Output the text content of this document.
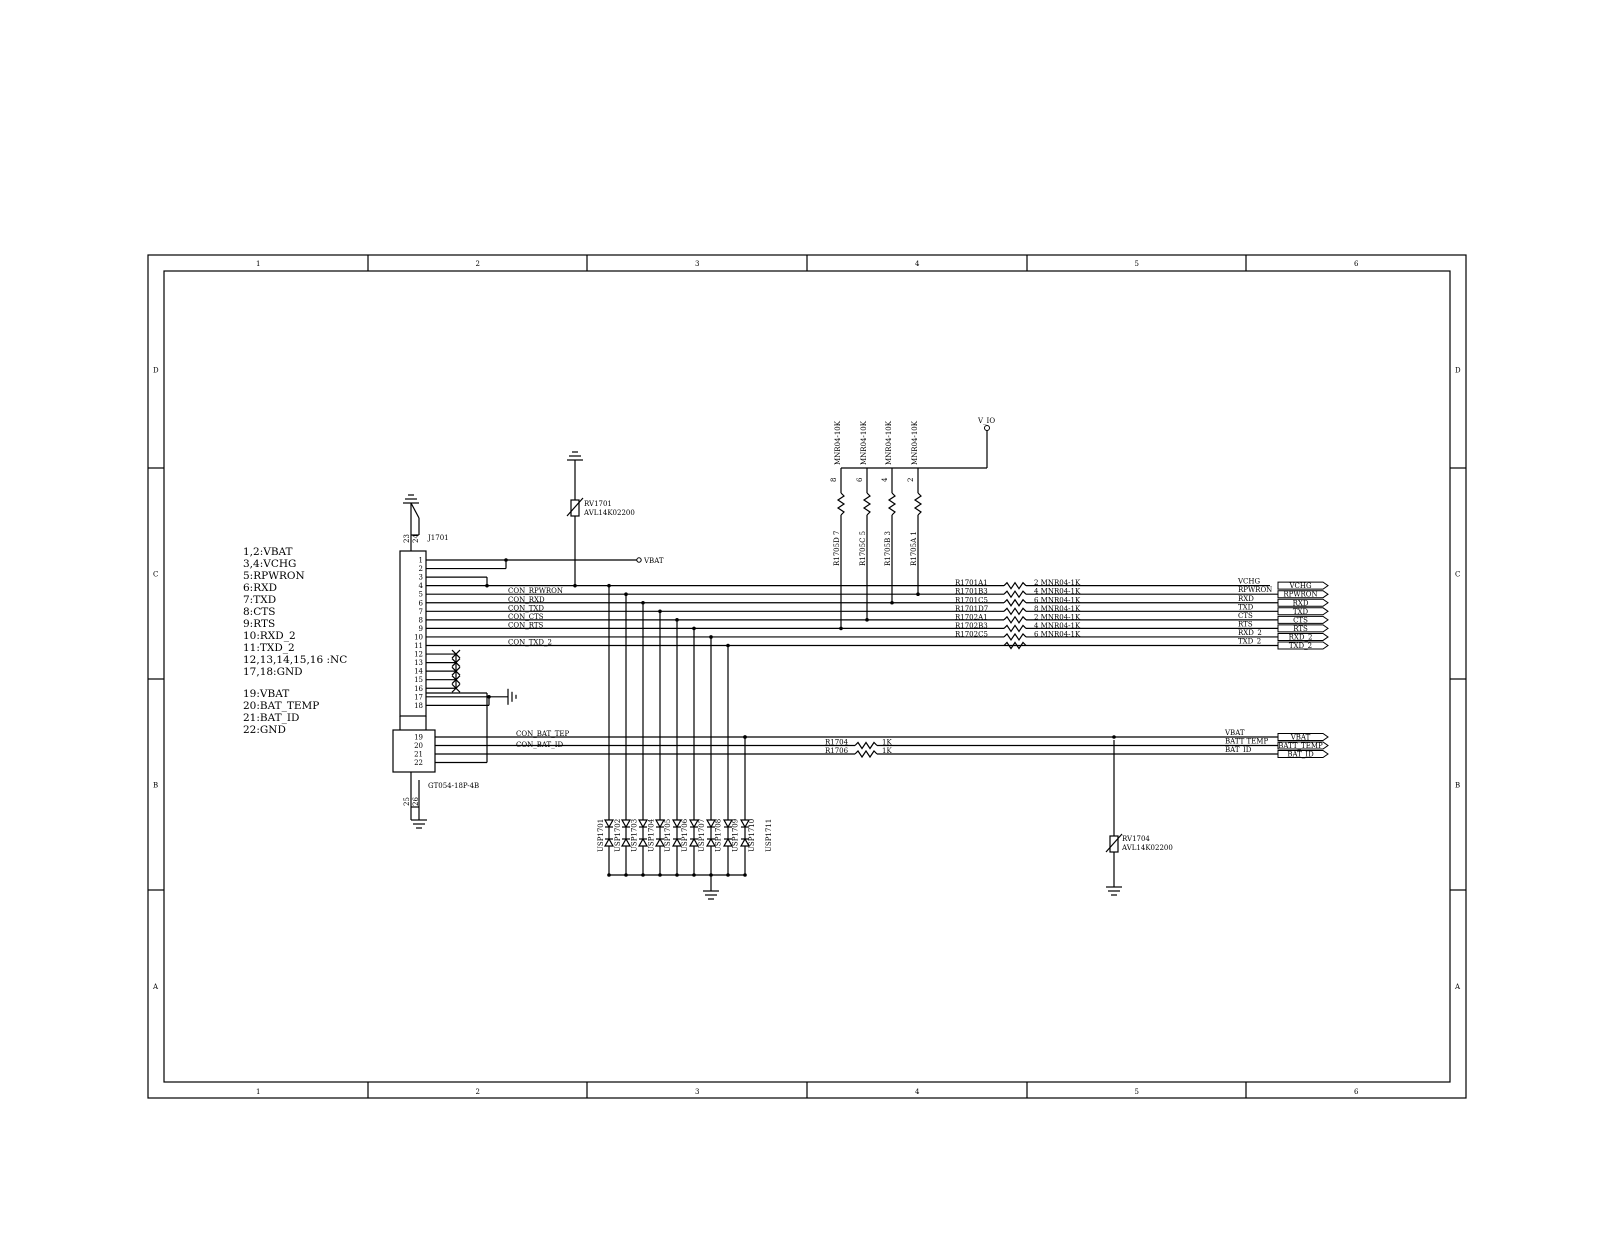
1
1
2
2
3
3
4
4
5
5
6
6
D	D
C	C
B	B
A	A
J1701
GT054-18P-4B
23 24
25 26
1
2
3
4
5
6
7
8
9
10
11
12
13
14
15
16
17
18
19
20
21
22
VBAT
RV1701
AVL14K02200
V_IO
MNR04-10K
8
R1705D 7
MNR04-10K
6
R1705C 5
MNR04-10K
4
R1705B 3
MNR04-10K
2
R1705A 1
R1701A1	2 MNR04-1K	VCHG
R1701B3	4 MNR04-1K	RPWRON
R1701C5	6 MNR04-1K	RXD
R1701D7	8 MNR04-1K	TXD
R1702A1	2 MNR04-1K	CTS
R1702B3	4 MNR04-1K	RTS
R1702C5	6 MNR04-1K	RXD_2
TXD_2
R1704	1K
R1706	1K
VCHG
RPWRON
RXD
TXD
CTS
RTS
RXD_2
TXD_2
VBAT
BATT_TEMP
BAT_ID
CON_RPWRON
CON_RXD
CON_TXD
CON_CTS
CON_RTS
CON_TXD_2
CON_BAT_TEP
CON_BAT_ID
VBAT
BATT TEMP
BAT_ID
USP1701 USP1702 USP1703 USP1704 USP1705 USP1706 USP1707 USP1708 USP1709 USP1710 USP1711	RV1704
AVL14K02200
1,2:VBAT
3,4:VCHG
5:RPWRON
6:RXD
7:TXD
8:CTS
9:RTS
10:RXD_2
11:TXD_2
12,13,14,15,16 :NC
17,18:GND
19:VBAT
20:BAT_TEMP
21:BAT_ID
22:GND
